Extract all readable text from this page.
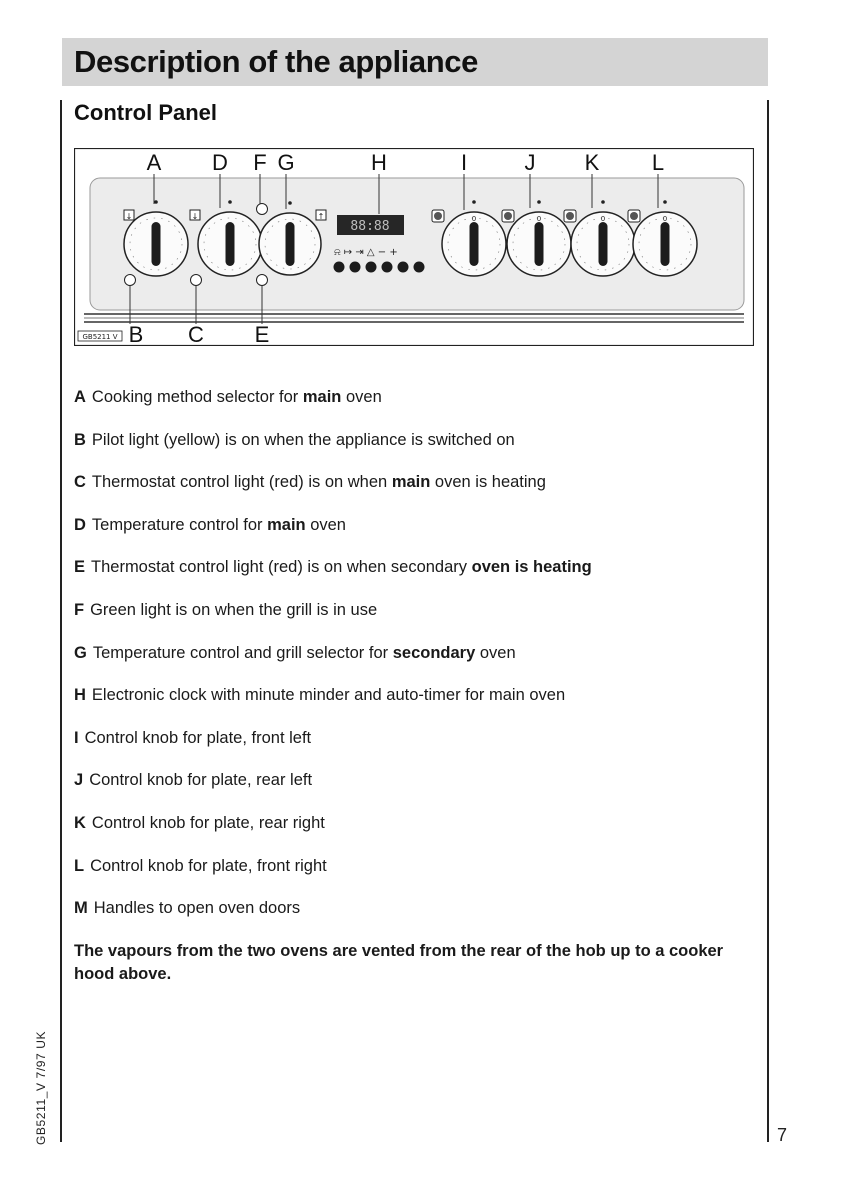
Description of the appliance
Control Panel
0	0	0	0
↓	↓	↑
88:88
⍾ ↦ ⇥ △ − +
GB5211 V
A D F G	H	I	J K L
B C E
A Cooking method selector for main oven
B Pilot light (yellow) is on when the appliance is switched on
C Thermostat control light (red) is on when main oven is heating
D Temperature control for main oven
E Thermostat control light (red) is on when secondary oven is heating
F Green light is on when the grill is in use
G Temperature control and grill selector for secondary oven
H Electronic clock with minute minder and auto-timer for main oven
I Control knob for plate, front left
J Control knob for plate, rear left
K Control knob for plate, rear right
L Control knob for plate, front right
M Handles to open oven doors

The vapours from the two ovens are vented from the rear of the hob up to a cooker hood above.

GB5211_V 7/97 UK	7
